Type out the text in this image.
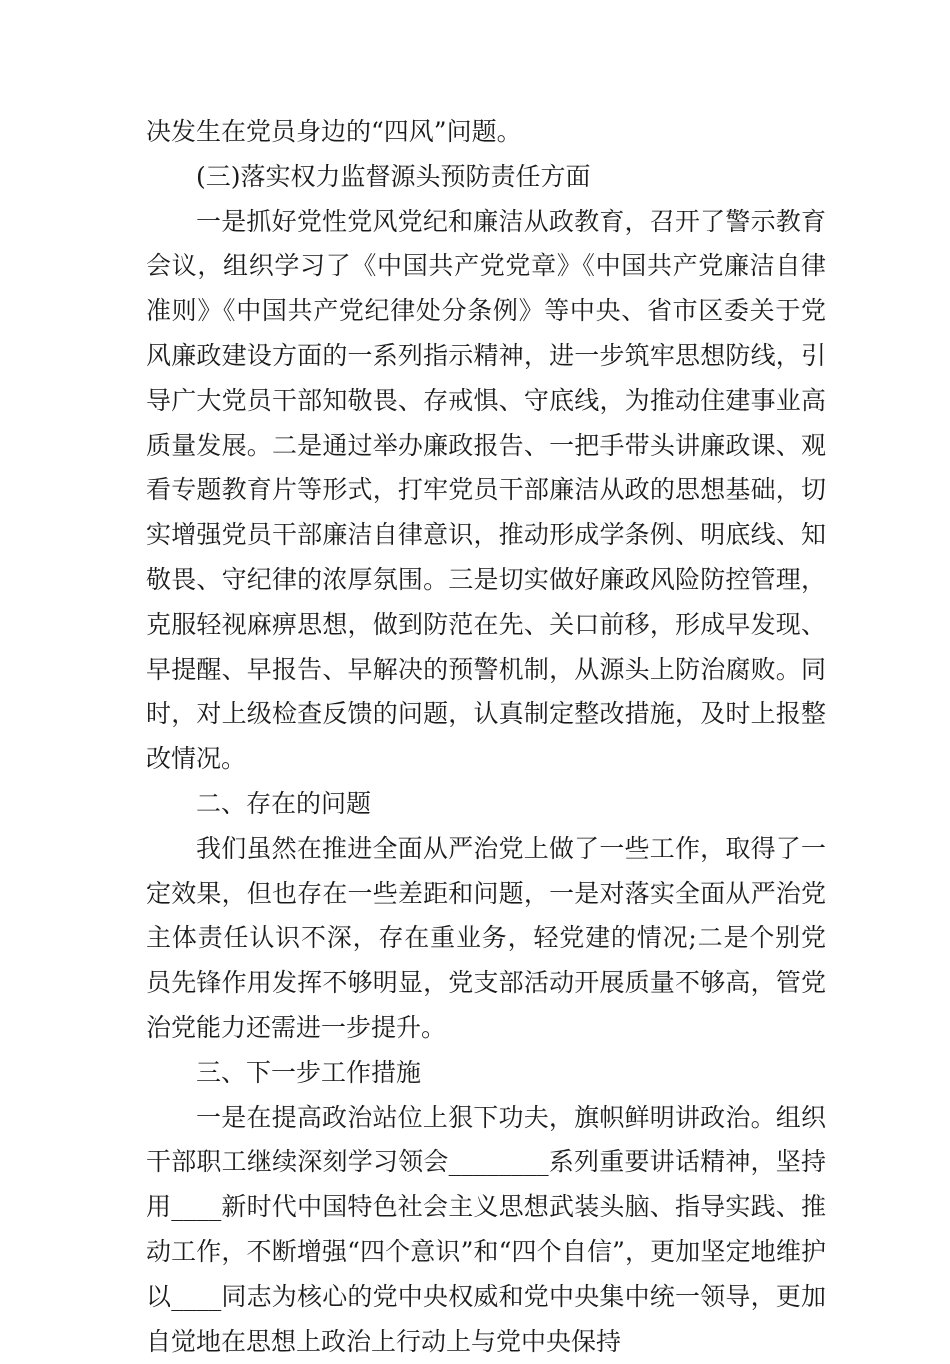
决发生在党员身边的“四风”问题。

(三)落实权力监督源头预防责任方面

一是抓好党性党风党纪和廉洁从政教育，召开了警示教育会议，组织学习了《中国共产党党章》《中国共产党廉洁自律准则》《中国共产党纪律处分条例》等中央、省市区委关于党风廉政建设方面的一系列指示精神，进一步筑牢思想防线，引导广大党员干部知敬畏、存戒惧、守底线，为推动住建事业高质量发展。二是通过举办廉政报告、一把手带头讲廉政课、观看专题教育片等形式，打牢党员干部廉洁从政的思想基础，切实增强党员干部廉洁自律意识，推动形成学条例、明底线、知敬畏、守纪律的浓厚氛围。三是切实做好廉政风险防控管理，克服轻视麻痹思想，做到防范在先、关口前移，形成早发现、早提醒、早报告、早解决的预警机制，从源头上防治腐败。同时，对上级检查反馈的问题，认真制定整改措施，及时上报整改情况。

二、存在的问题

我们虽然在推进全面从严治党上做了一些工作，取得了一定效果，但也存在一些差距和问题，一是对落实全面从严治党主体责任认识不深，存在重业务，轻党建的情况;二是个别党员先锋作用发挥不够明显，党支部活动开展质量不够高，管党治党能力还需进一步提升。

三、下一步工作措施

一是在提高政治站位上狠下功夫，旗帜鲜明讲政治。组织干部职工继续深刻学习领会________系列重要讲话精神，坚持用____新时代中国特色社会主义思想武装头脑、指导实践、推动工作，不断增强“四个意识”和“四个自信”，更加坚定地维护以____同志为核心的党中央权威和党中央集中统一领导，更加自觉地在思想上政治上行动上与党中央保持
